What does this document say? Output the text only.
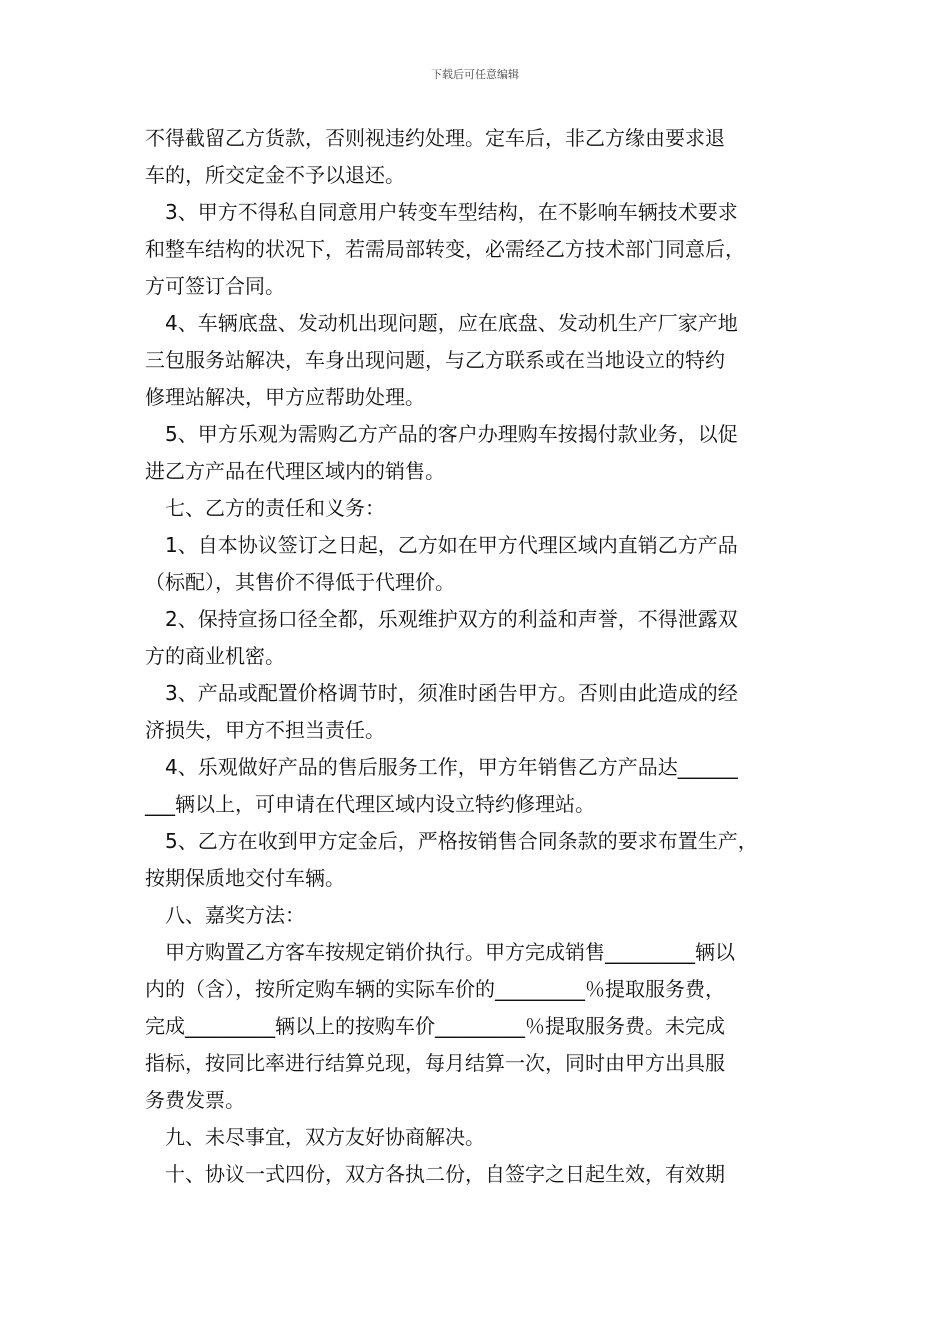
下载后可任意编辑
不得截留乙方货款，否则视违约处理。定车后，非乙方缘由要求退
车的，所交定金不予以退还。
3、甲方不得私自同意用户转变车型结构，在不影响车辆技术要求
和整车结构的状况下，若需局部转变，必需经乙方技术部门同意后，
方可签订合同。
4、车辆底盘、发动机出现问题，应在底盘、发动机生产厂家产地
三包服务站解决，车身出现问题，与乙方联系或在当地设立的特约
修理站解决，甲方应帮助处理。
5、甲方乐观为需购乙方产品的客户办理购车按揭付款业务，以促
进乙方产品在代理区域内的销售。
七、乙方的责任和义务：
1、自本协议签订之日起，乙方如在甲方代理区域内直销乙方产品
（标配），其售价不得低于代理价。
2、保持宣扬口径全都，乐观维护双方的利益和声誉，不得泄露双
方的商业机密。
3、产品或配置价格调节时，须准时函告甲方。否则由此造成的经
济损失，甲方不担当责任。
4、乐观做好产品的售后服务工作，甲方年销售乙方产品达______
___辆以上，可申请在代理区域内设立特约修理站。
5、乙方在收到甲方定金后，严格按销售合同条款的要求布置生产，
按期保质地交付车辆。
八、嘉奖方法：
甲方购置乙方客车按规定销价执行。甲方完成销售_________辆以
内的（含），按所定购车辆的实际车价的_________％提取服务费，
完成_________辆以上的按购车价_________％提取服务费。未完成
指标，按同比率进行结算兑现，每月结算一次，同时由甲方出具服
务费发票。
九、未尽事宜，双方友好协商解决。
十、协议一式四份，双方各执二份，自签字之日起生效，有效期
